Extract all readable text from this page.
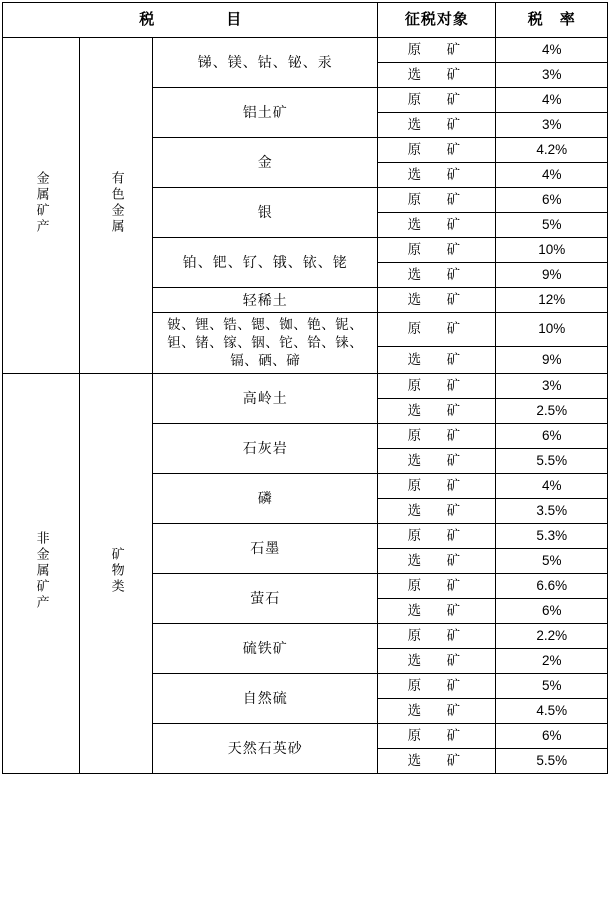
税　　目			征税对象	税　率
金属矿产	有色金属	锑、镁、钴、铋、汞	原　矿	4%
			选　矿	3%
		铝土矿	原　矿	4%
			选　矿	3%
		金	原　矿	4.2%
			选　矿	4%
		银	原　矿	6%
			选　矿	5%
		铂、钯、钌、锇、铱、铑	原　矿	10%
			选　矿	9%
		轻稀土	选　矿	12%
		铍、锂、锆、锶、铷、铯、铌、钽、锗、镓、铟、铊、铪、铼、镉、硒、碲	原　矿	10%
			选　矿	9%
非金属矿产	矿物类	高岭土	原　矿	3%
			选　矿	2.5%
		石灰岩	原　矿	6%
			选　矿	5.5%
		磷	原　矿	4%
			选　矿	3.5%
		石墨	原　矿	5.3%
			选　矿	5%
		萤石	原　矿	6.6%
			选　矿	6%
		硫铁矿	原　矿	2.2%
			选　矿	2%
		自然硫	原　矿	5%
			选　矿	4.5%
		天然石英砂	原　矿	6%
			选　矿	5.5%
